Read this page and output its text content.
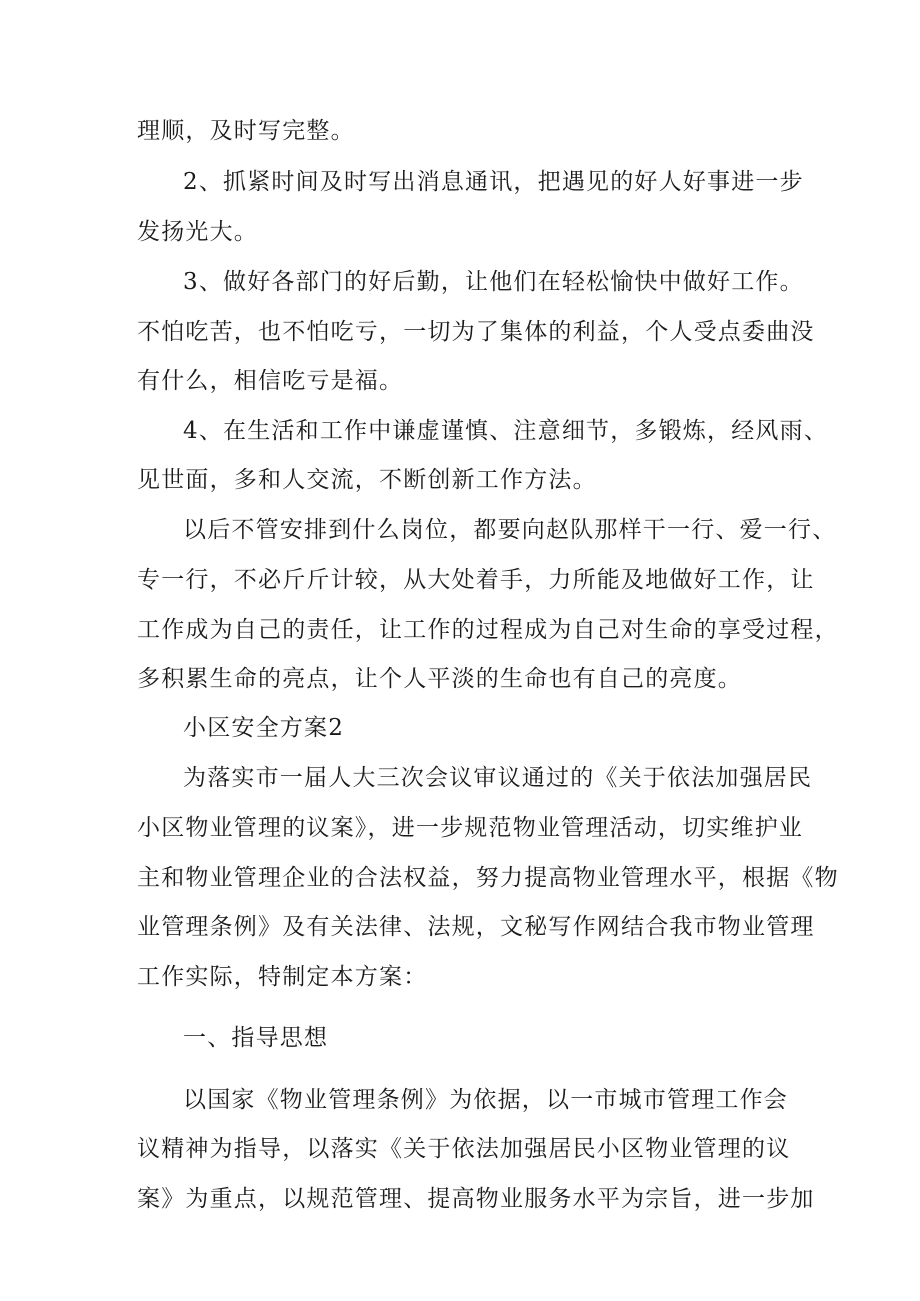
理顺，及时写完整。
2、抓紧时间及时写出消息通讯，把遇见的好人好事进一步
发扬光大。
3、做好各部门的好后勤，让他们在轻松愉快中做好工作。
不怕吃苦，也不怕吃亏，一切为了集体的利益，个人受点委曲没
有什么，相信吃亏是福。
4、在生活和工作中谦虚谨慎、注意细节，多锻炼，经风雨、
见世面，多和人交流，不断创新工作方法。
以后不管安排到什么岗位，都要向赵队那样干一行、爱一行、
专一行，不必斤斤计较，从大处着手，力所能及地做好工作，让
工作成为自己的责任，让工作的过程成为自己对生命的享受过程，
多积累生命的亮点，让个人平淡的生命也有自己的亮度。
小区安全方案2
为落实市一届人大三次会议审议通过的《关于依法加强居民
小区物业管理的议案》，进一步规范物业管理活动，切实维护业
主和物业管理企业的合法权益，努力提高物业管理水平，根据《物
业管理条例》及有关法律、法规，文秘写作网结合我市物业管理
工作实际，特制定本方案：
一、指导思想
以国家《物业管理条例》为依据，以一市城市管理工作会
议精神为指导，以落实《关于依法加强居民小区物业管理的议
案》为重点，以规范管理、提高物业服务水平为宗旨，进一步加
